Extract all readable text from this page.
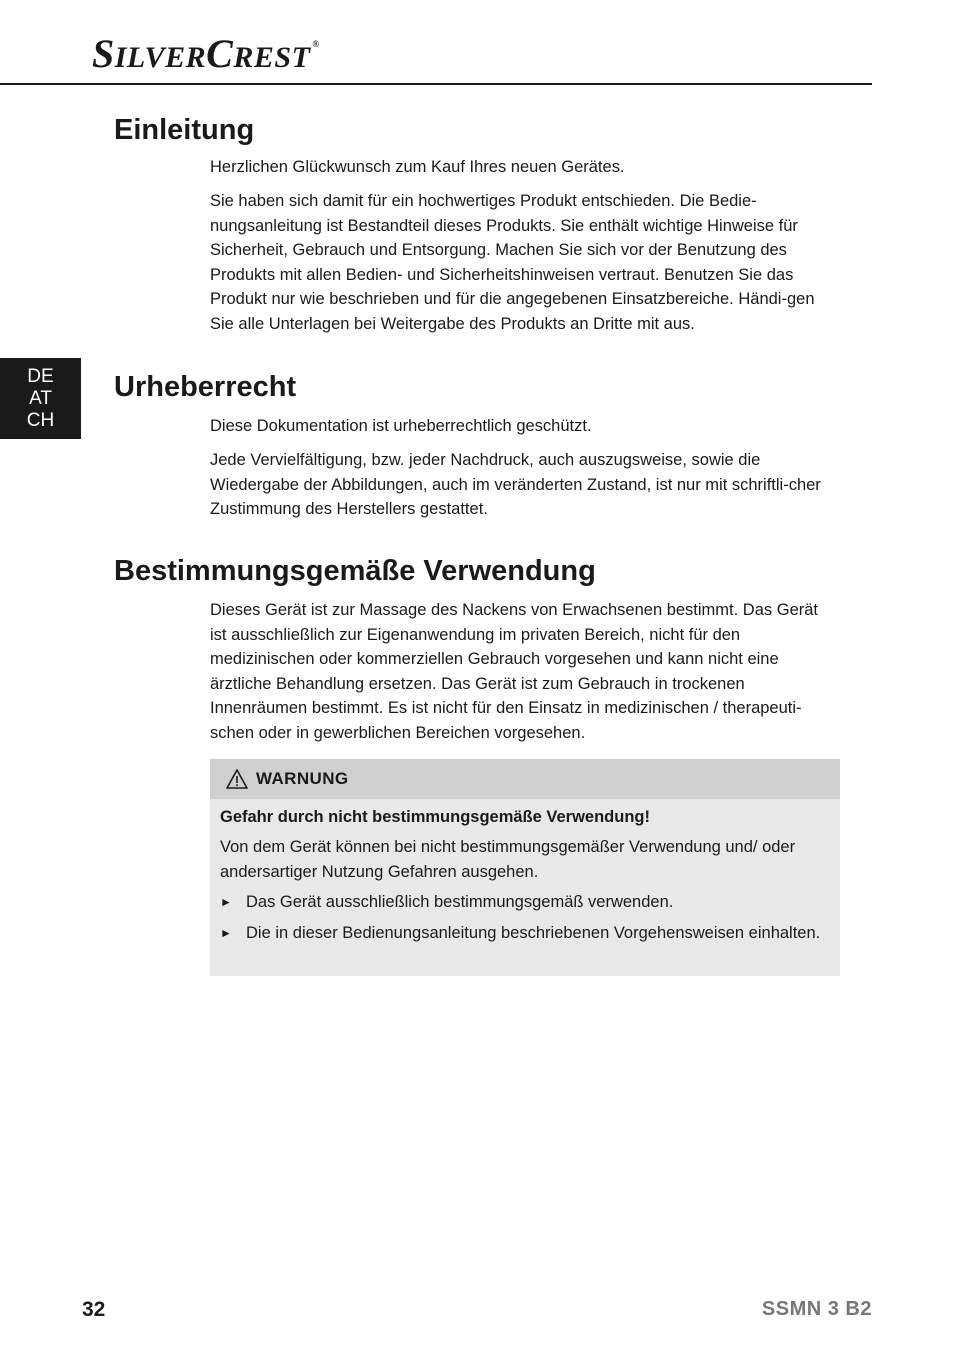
SILVERCREST ®
DE
AT
CH
Einleitung

Herzlichen Glückwunsch zum Kauf Ihres neuen Gerätes.

Sie haben sich damit für ein hochwertiges Produkt entschieden. Die Bedie-nungsanleitung ist Bestandteil dieses Produkts. Sie enthält wichtige Hinweise für Sicherheit, Gebrauch und Entsorgung. Machen Sie sich vor der Benutzung des Produkts mit allen Bedien- und Sicherheitshinweisen vertraut. Benutzen Sie das Produkt nur wie beschrieben und für die angegebenen Einsatzbereiche. Händi-gen Sie alle Unterlagen bei Weitergabe des Produkts an Dritte mit aus.

Urheberrecht

Diese Dokumentation ist urheberrechtlich geschützt.

Jede Vervielfältigung, bzw. jeder Nachdruck, auch auszugsweise, sowie die Wiedergabe der Abbildungen, auch im veränderten Zustand, ist nur mit schriftli-cher Zustimmung des Herstellers gestattet.

Bestimmungsgemäße Verwendung

Dieses Gerät ist zur Massage des Nackens von Erwachsenen bestimmt. Das Gerät ist ausschließlich zur Eigenanwendung im privaten Bereich, nicht für den medizinischen oder kommerziellen Gebrauch vorgesehen und kann nicht eine ärztliche Behandlung ersetzen. Das Gerät ist zum Gebrauch in trockenen Innenräumen bestimmt. Es ist nicht für den Einsatz in medizinischen / therapeuti-schen oder in gewerblichen Bereichen vorgesehen.

WARNUNG

Gefahr durch nicht bestimmungsgemäße Verwendung!

Von dem Gerät können bei nicht bestimmungsgemäßer Verwendung und/ oder andersartiger Nutzung Gefahren ausgehen.

► Das Gerät ausschließlich bestimmungsgemäß verwenden.
► Die in dieser Bedienungsanleitung beschriebenen Vorgehensweisen einhalten.
32	SSMN 3 B2
